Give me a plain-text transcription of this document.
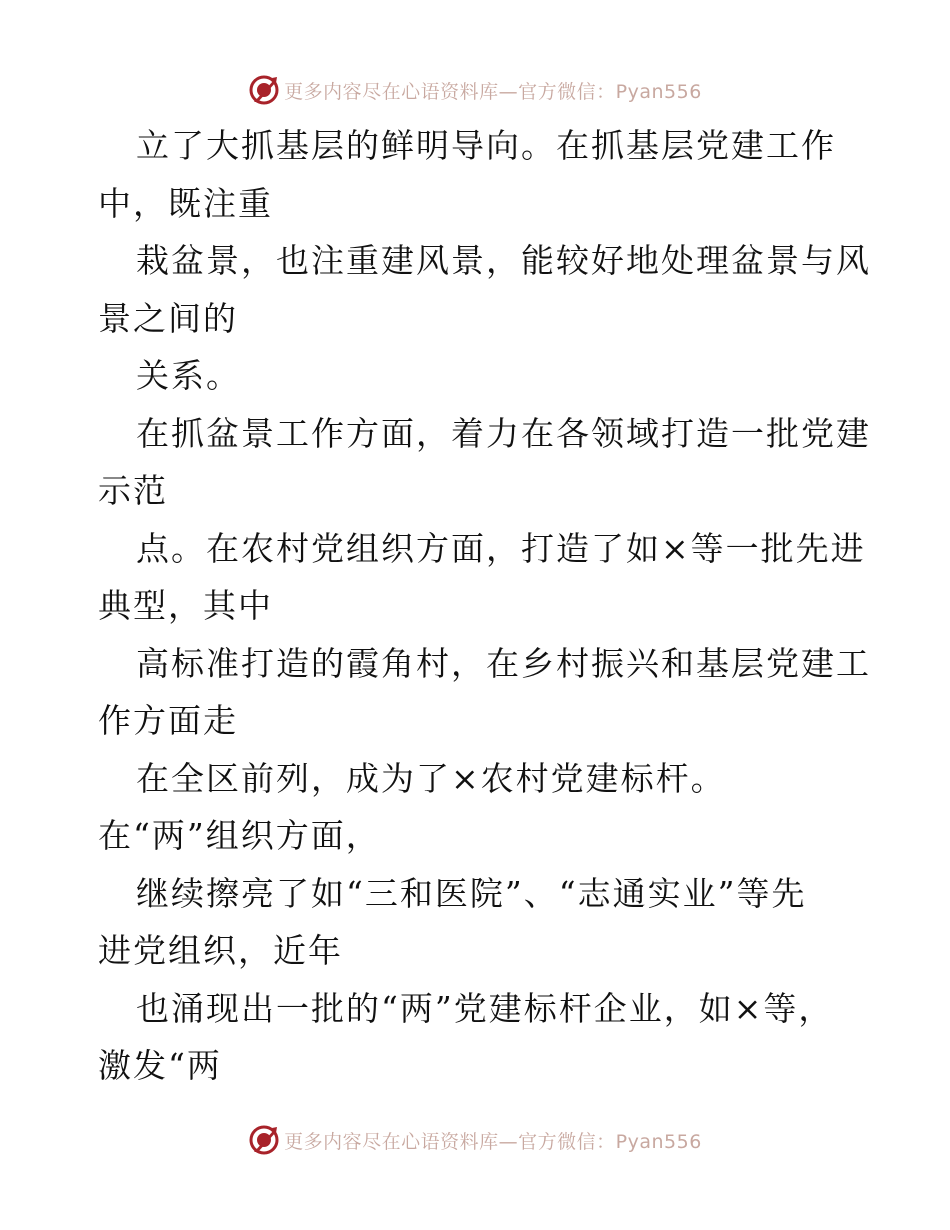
更多内容尽在心语资料库—官方微信：Pyan556
立了大抓基层的鲜明导向。在抓基层党建工作
中，既注重
栽盆景，也注重建风景，能较好地处理盆景与风
景之间的
关系。
在抓盆景工作方面，着力在各领域打造一批党建
示范
点。在农村党组织方面，打造了如×等一批先进
典型，其中
高标准打造的霞角村，在乡村振兴和基层党建工
作方面走
在全区前列，成为了×农村党建标杆。
在“两”组织方面，
继续擦亮了如“三和医院”、“志通实业”等先
进党组织，近年
也涌现出一批的“两”党建标杆企业，如×等，
激发“两
更多内容尽在心语资料库—官方微信：Pyan556
